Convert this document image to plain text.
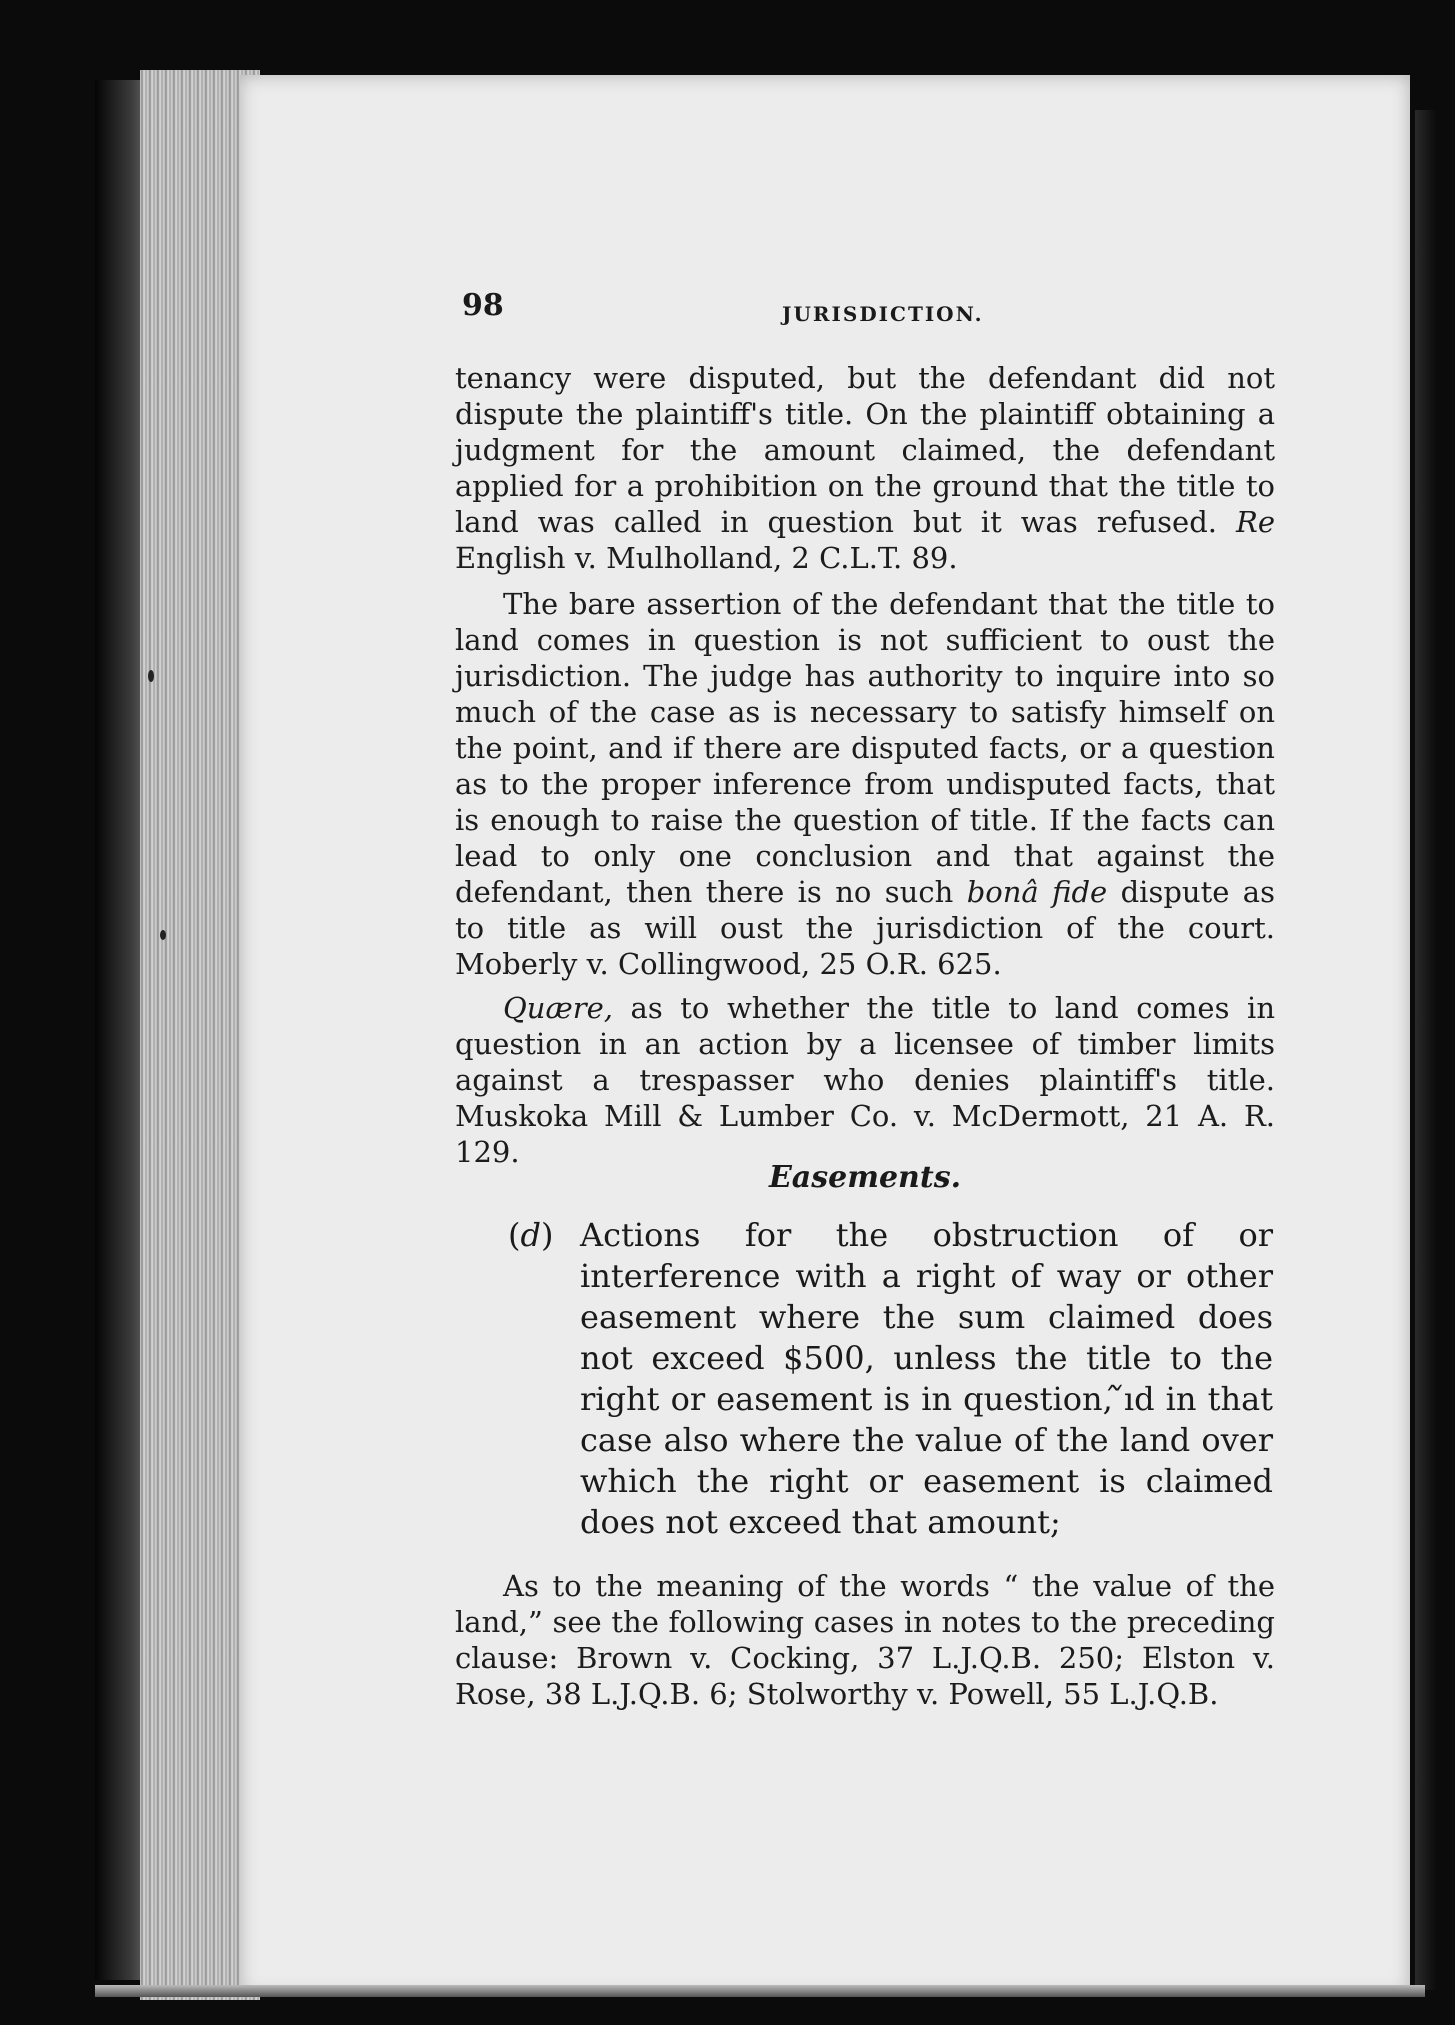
98	JURISDICTION.

tenancy were disputed, but the defendant did not dispute the plaintiff's title. On the plaintiff obtaining a judgment for the amount claimed, the defendant applied for a prohibition on the ground that the title to land was called in question but it was refused. Re English v. Mulholland, 2 C.L.T. 89.

The bare assertion of the defendant that the title to land comes in question is not sufficient to oust the jurisdiction. The judge has authority to inquire into so much of the case as is necessary to satisfy himself on the point, and if there are disputed facts, or a question as to the proper inference from undisputed facts, that is enough to raise the question of title. If the facts can lead to only one conclusion and that against the defendant, then there is no such bonâ fide dispute as to title as will oust the jurisdiction of the court. Moberly v. Collingwood, 25 O.R. 625.

Quære, as to whether the title to land comes in question in an action by a licensee of timber limits against a trespasser who denies plaintiff's title. Muskoka Mill & Lumber Co. v. McDermott, 21 A. R. 129.

Easements.
(d) Actions for the obstruction of or interference with a right of way or other easement where the sum claimed does not exceed $500, unless the title to the right or easement is in question, ᷉ıd in that case also where the value of the land over which the right or easement is claimed does not exceed that amount;

As to the meaning of the words “ the value of the land,” see the following cases in notes to the preceding clause: Brown v. Cocking, 37 L.J.Q.B. 250; Elston v. Rose, 38 L.J.Q.B. 6; Stolworthy v. Powell, 55 L.J.Q.B.
